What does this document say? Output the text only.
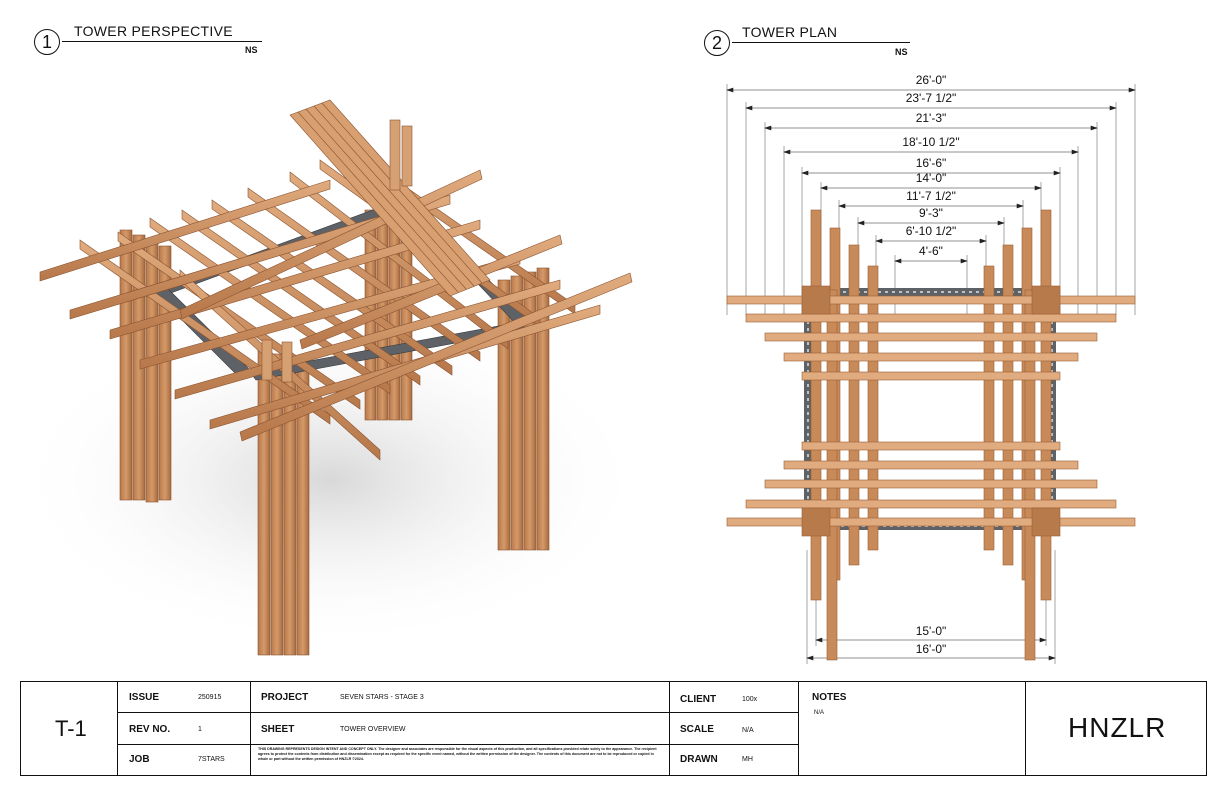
1
TOWER PERSPECTIVE
NS	2
TOWER PLAN
NS
26'-0"
23'-7 1/2"
21'-3"
18'-10 1/2"
16'-6"
14'-0"
11'-7 1/2"
9'-3"
6'-10 1/2"
4'-6"
15'-0"
16'-0"
T-1
ISSUE	250915
REV NO.	1
JOB	7STARS
PROJECT	SEVEN STARS - STAGE 3
SHEET	TOWER OVERVIEW
THIS DRAWING REPRESENTS DESIGN INTENT AND CONCEPT ONLY. The designer and associates are responsible for the visual aspects of this production, and all specifications provided relate solely to the appearance. The recipient agrees to protect the contents from distribution and dissemination except as required for the specific event named, without the written permission of the designer. The contents of this document are not to be reproduced or copied in whole or part without the written permission of HNZLR ©2024.
CLIENT	100x
SCALE	N/A
DRAWN	MH
NOTES
N/A	HNZLR
